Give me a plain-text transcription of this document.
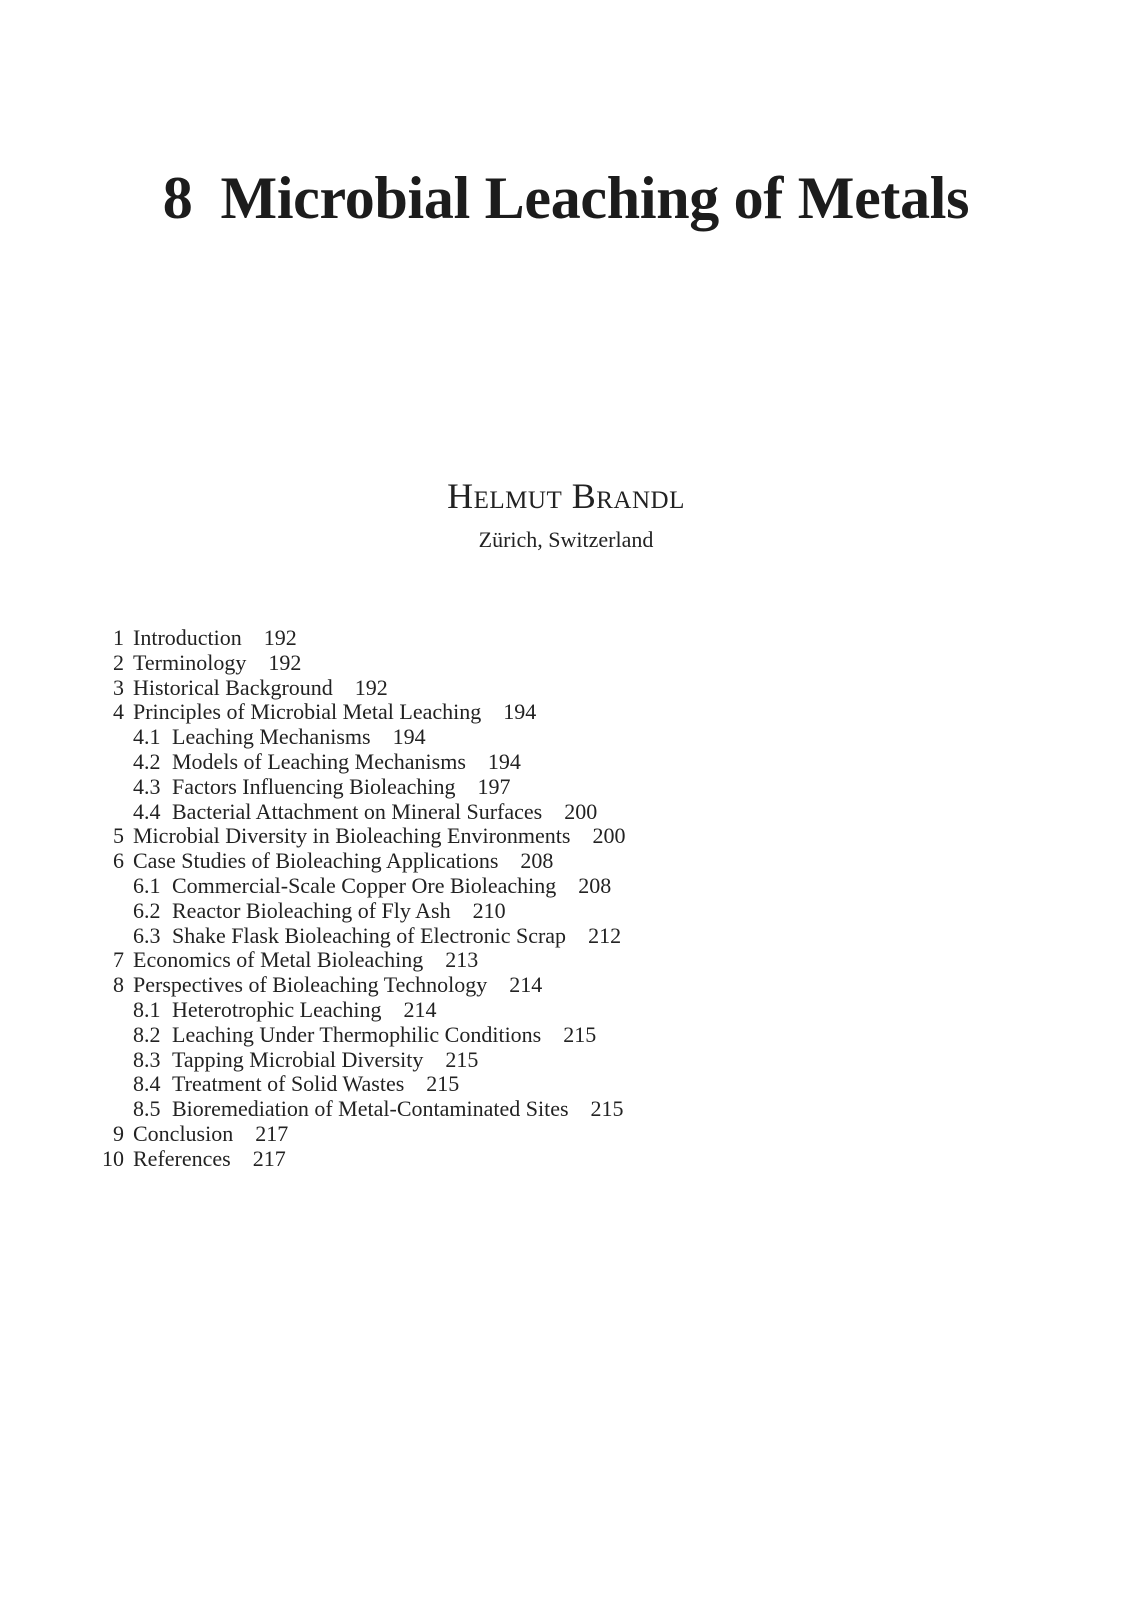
8 Microbial Leaching of Metals
Helmut Brandl
Zürich, Switzerland
1 Introduction 192
2 Terminology 192
3 Historical Background 192
4 Principles of Microbial Metal Leaching 194
4.1 Leaching Mechanisms 194
4.2 Models of Leaching Mechanisms 194
4.3 Factors Influencing Bioleaching 197
4.4 Bacterial Attachment on Mineral Surfaces 200
5 Microbial Diversity in Bioleaching Environments 200
6 Case Studies of Bioleaching Applications 208
6.1 Commercial-Scale Copper Ore Bioleaching 208
6.2 Reactor Bioleaching of Fly Ash 210
6.3 Shake Flask Bioleaching of Electronic Scrap 212
7 Economics of Metal Bioleaching 213
8 Perspectives of Bioleaching Technology 214
8.1 Heterotrophic Leaching 214
8.2 Leaching Under Thermophilic Conditions 215
8.3 Tapping Microbial Diversity 215
8.4 Treatment of Solid Wastes 215
8.5 Bioremediation of Metal-Contaminated Sites 215
9 Conclusion 217
10 References 217
